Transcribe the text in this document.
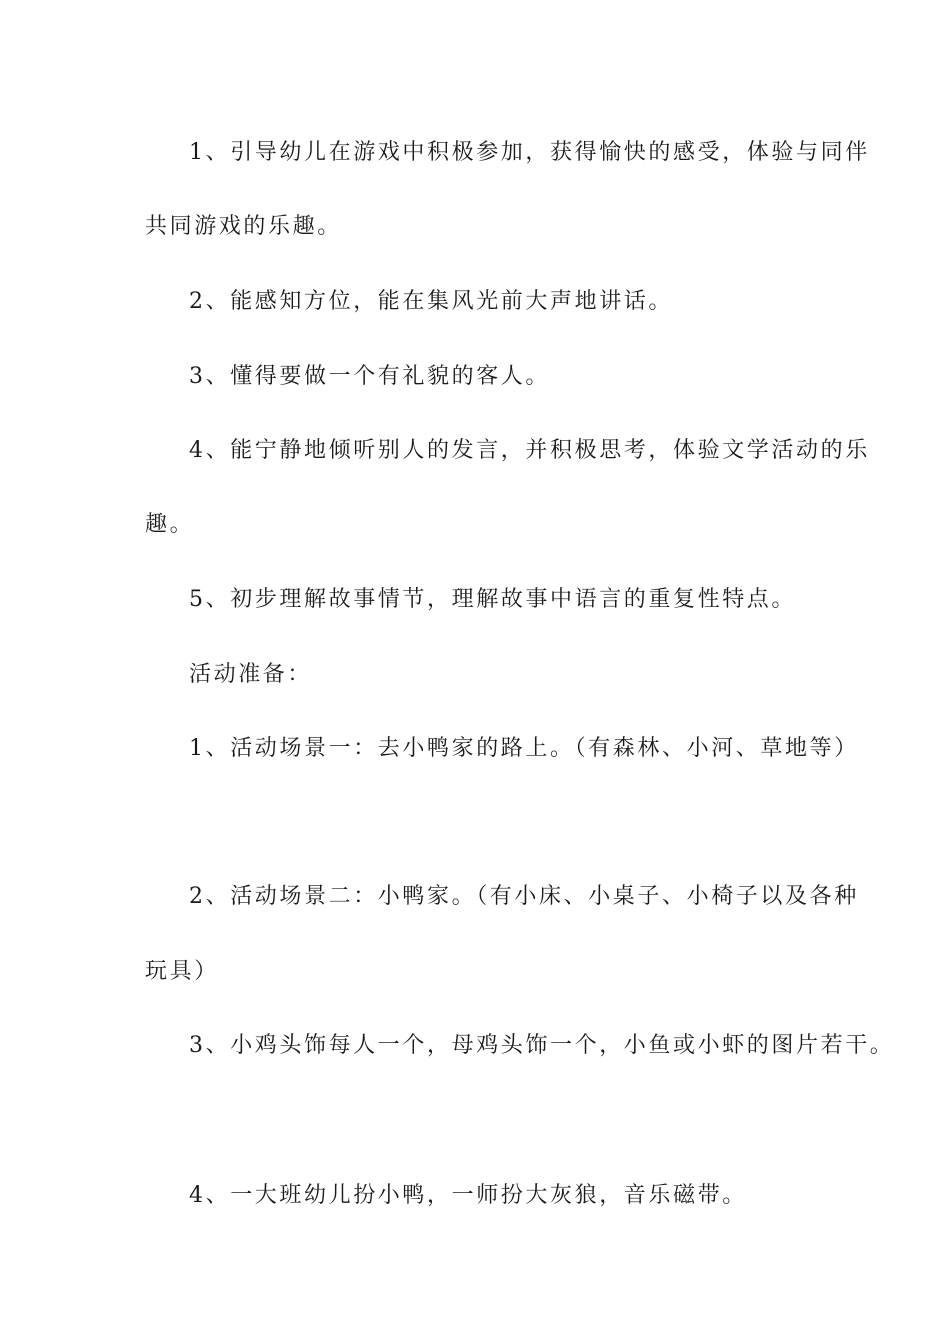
1、引导幼儿在游戏中积极参加，获得愉快的感受，体验与同伴
共同游戏的乐趣。
2、能感知方位，能在集风光前大声地讲话。
3、懂得要做一个有礼貌的客人。
4、能宁静地倾听别人的发言，并积极思考，体验文学活动的乐
趣。
5、初步理解故事情节，理解故事中语言的重复性特点。
活动准备：
1、活动场景一：去小鸭家的路上。（有森林、小河、草地等）
2、活动场景二：小鸭家。（有小床、小桌子、小椅子以及各种
玩具）
3、小鸡头饰每人一个，母鸡头饰一个，小鱼或小虾的图片若干。
4、一大班幼儿扮小鸭，一师扮大灰狼，音乐磁带。
